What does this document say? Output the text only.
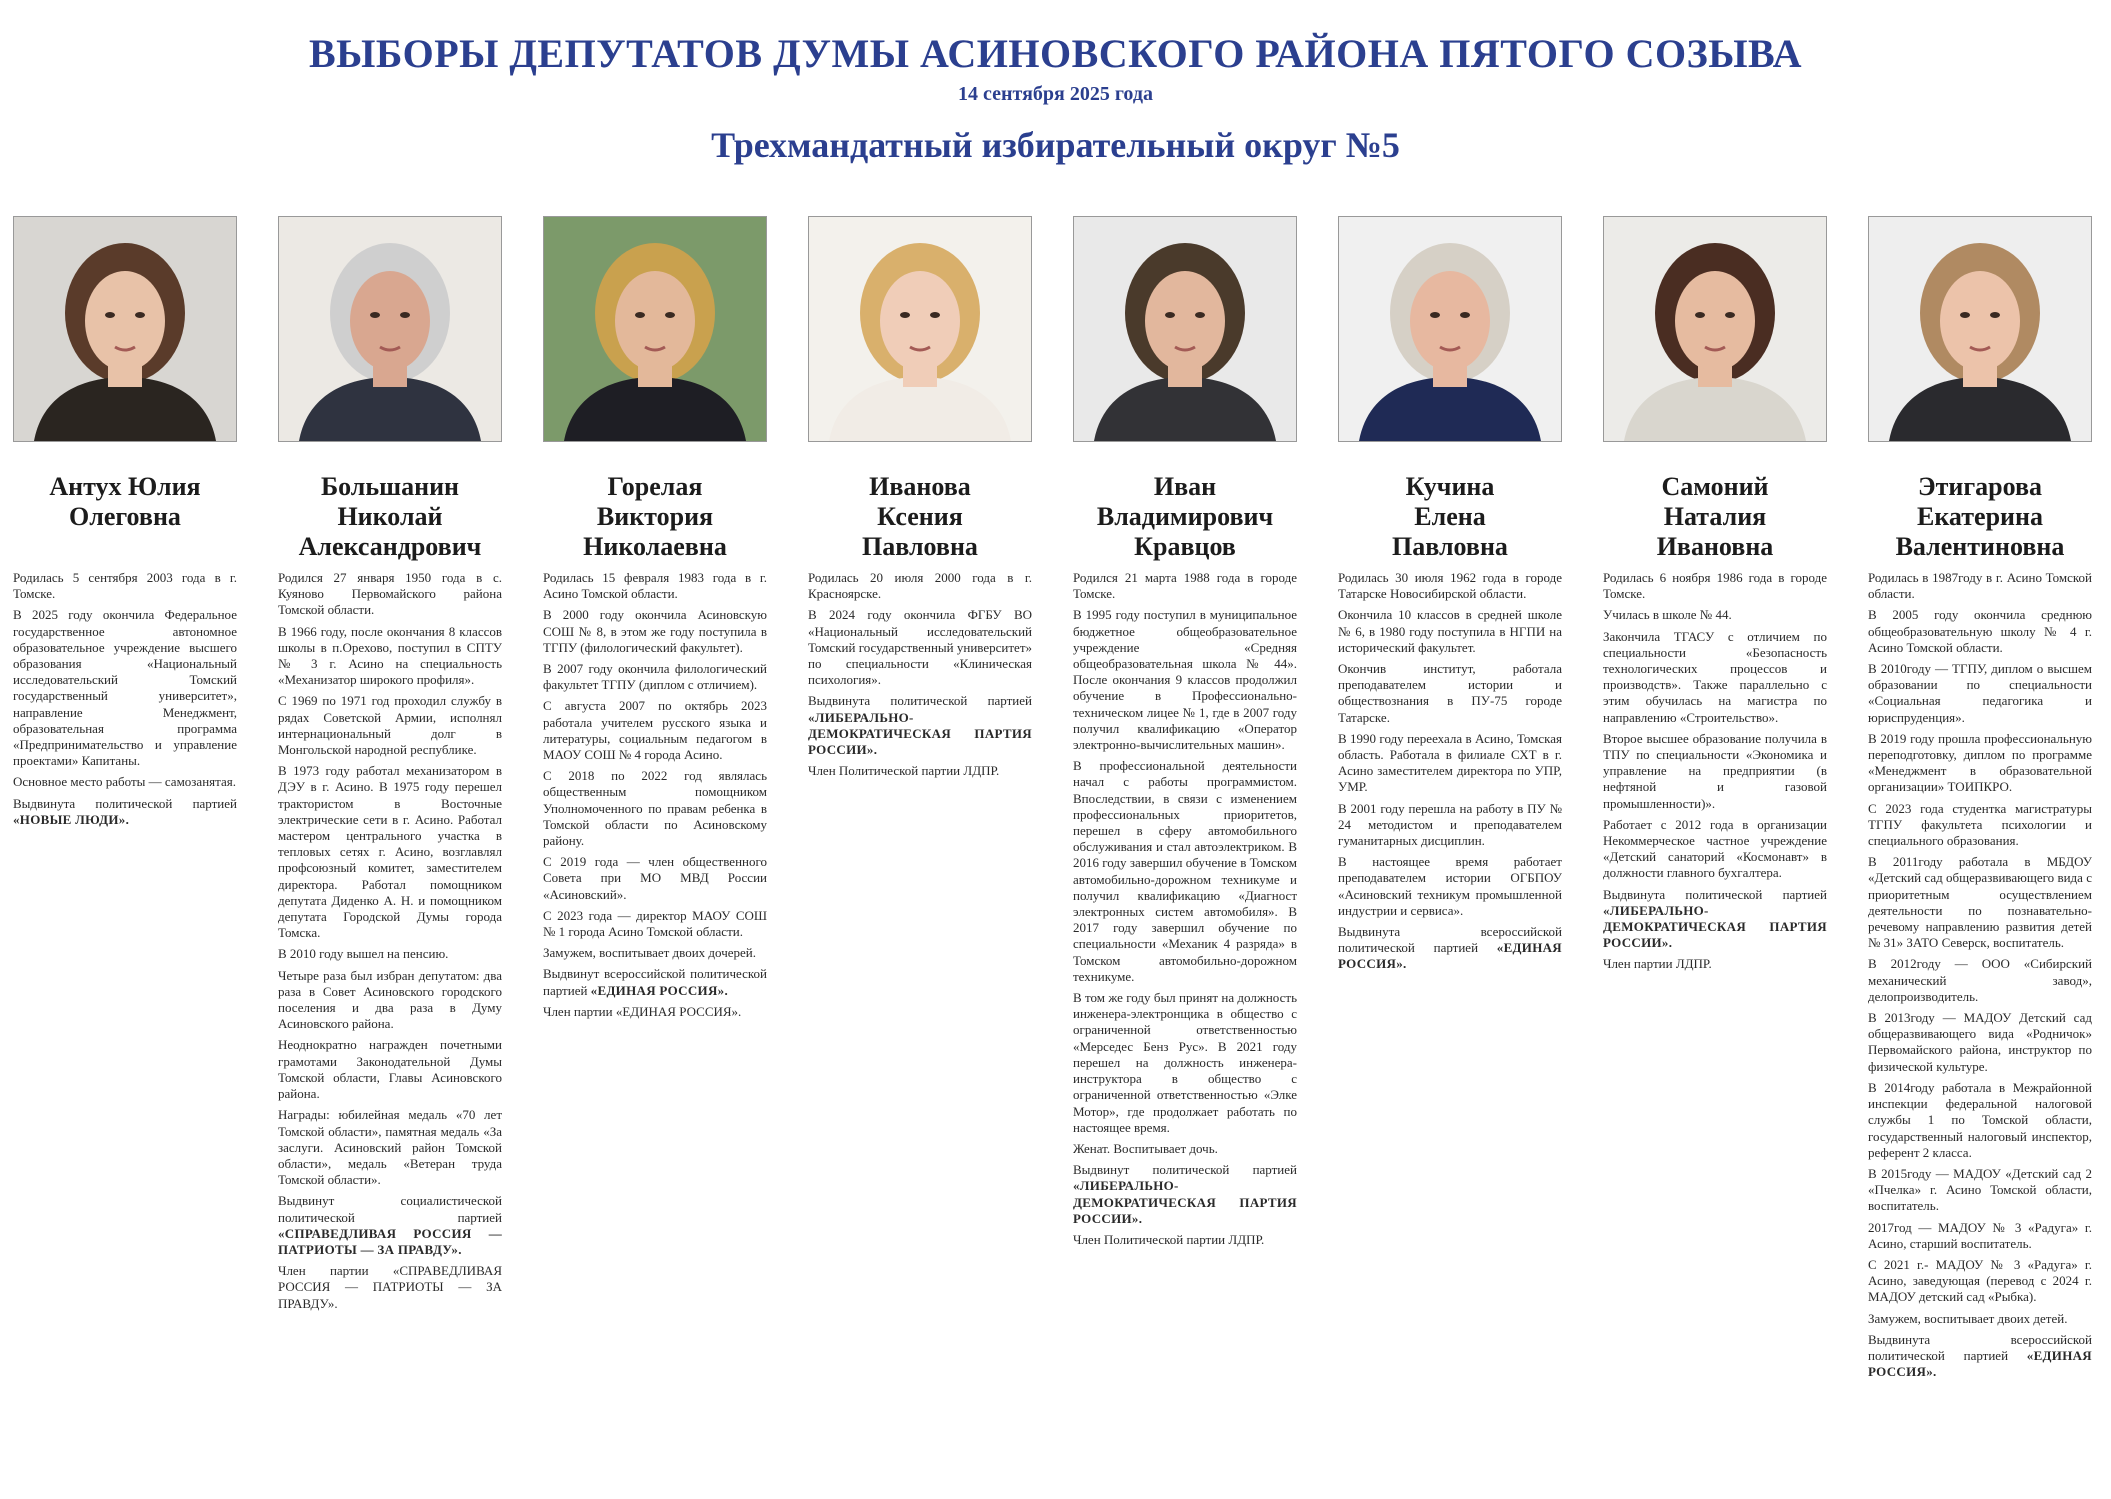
ВЫБОРЫ ДЕПУТАТОВ ДУМЫ АСИНОВСКОГО РАЙОНА ПЯТОГО СОЗЫВА
14 сентября 2025 года
Трехмандатный избирательный округ №5
Антух Юлия
Олеговна

Родилась 5 сентября 2003 года в г. Томске.

В 2025 году окончила Федеральное государственное автономное образовательное учреждение высшего образования «Национальный исследовательский Томский государственный университет», направление Менеджмент, образовательная программа «Предпринимательство и управление проектами» Капитаны.

Основное место работы — самозанятая.

Выдвинута политической партией «НОВЫЕ ЛЮДИ».

Большанин
Николай
Александрович

Родился 27 января 1950 года в с. Куяново Первомайского района Томской области.

В 1966 году, после окончания 8 классов школы в п.Орехово, поступил в СПТУ № 3 г. Асино на специальность «Механизатор широкого профиля».

С 1969 по 1971 год проходил службу в рядах Советской Армии, исполнял интернациональный долг в Монгольской народной республике.

В 1973 году работал механизатором в ДЭУ в г. Асино. В 1975 году перешел трактористом в Восточные электрические сети в г. Асино. Работал мастером центрального участка в тепловых сетях г. Асино, возглавлял профсоюзный комитет, заместителем директора. Работал помощником депутата Диденко А. Н. и помощником депутата Городской Думы города Томска.

В 2010 году вышел на пенсию.

Четыре раза был избран депутатом: два раза в Совет Асиновского городского поселения и два раза в Думу Асиновского района.

Неоднократно награжден почетными грамотами Законодательной Думы Томской области, Главы Асиновского района.

Награды: юбилейная медаль «70 лет Томской области», памятная медаль «За заслуги. Асиновский район Томской области», медаль «Ветеран труда Томской области».

Выдвинут социалистической политической партией «СПРАВЕДЛИВАЯ РОССИЯ — ПАТРИОТЫ — ЗА ПРАВДУ».

Член партии «СПРАВЕДЛИВАЯ РОССИЯ — ПАТРИОТЫ — ЗА ПРАВДУ».

Горелая
Виктория
Николаевна

Родилась 15 февраля 1983 года в г. Асино Томской области.

В 2000 году окончила Асиновскую СОШ № 8, в этом же году поступила в ТГПУ (филологический факультет).

В 2007 году окончила филологический факультет ТГПУ (диплом с отличием).

С августа 2007 по октябрь 2023 работала учителем русского языка и литературы, социальным педагогом в МАОУ СОШ № 4 города Асино.

С 2018 по 2022 год являлась общественным помощником Уполномоченного по правам ребенка в Томской области по Асиновскому району.

С 2019 года — член общественного Совета при МО МВД России «Асиновский».

С 2023 года — директор МАОУ СОШ № 1 города Асино Томской области.

Замужем, воспитывает двоих дочерей.

Выдвинут всероссийской политической партией «ЕДИНАЯ РОССИЯ».

Член партии «ЕДИНАЯ РОССИЯ».

Иванова
Ксения
Павловна

Родилась 20 июля 2000 года в г. Красноярске.

В 2024 году окончила ФГБУ ВО «Национальный исследовательский Томский государственный университет» по специальности «Клиническая психология».

Выдвинута политической партией «ЛИБЕРАЛЬНО-ДЕМОКРАТИЧЕСКАЯ ПАРТИЯ РОССИИ».

Член Политической партии ЛДПР.

Иван
Владимирович
Кравцов

Родился 21 марта 1988 года в городе Томске.

В 1995 году поступил в муниципальное бюджетное общеобразовательное учреждение «Средняя общеобразовательная школа № 44». После окончания 9 классов продолжил обучение в Профессионально-техническом лицее № 1, где в 2007 году получил квалификацию «Оператор электронно-вычислительных машин».

В профессиональной деятельности начал с работы программистом. Впоследствии, в связи с изменением профессиональных приоритетов, перешел в сферу автомобильного обслуживания и стал автоэлектриком. В 2016 году завершил обучение в Томском автомобильно-дорожном техникуме и получил квалификацию «Диагност электронных систем автомобиля». В 2017 году завершил обучение по специальности «Механик 4 разряда» в Томском автомобильно-дорожном техникуме.

В том же году был принят на должность инженера-электронщика в общество с ограниченной ответственностью «Мерседес Бенз Рус». В 2021 году перешел на должность инженера-инструктора в общество с ограниченной ответственностью «Элке Мотор», где продолжает работать по настоящее время.

Женат. Воспитывает дочь.

Выдвинут политической партией «ЛИБЕРАЛЬНО-ДЕМОКРАТИЧЕСКАЯ ПАРТИЯ РОССИИ».

Член Политической партии ЛДПР.

Кучина
Елена
Павловна

Родилась 30 июля 1962 года в городе Татарске Новосибирской области.

Окончила 10 классов в средней школе № 6, в 1980 году поступила в НГПИ на исторический факультет.

Окончив институт, работала преподавателем истории и обществознания в ПУ-75 городе Татарске.

В 1990 году переехала в Асино, Томская область. Работала в филиале СХТ в г. Асино заместителем директора по УПР, УМР.

В 2001 году перешла на работу в ПУ № 24 методистом и преподавателем гуманитарных дисциплин.

В настоящее время работает преподавателем истории ОГБПОУ «Асиновский техникум промышленной индустрии и сервиса».

Выдвинута всероссийской политической партией «ЕДИНАЯ РОССИЯ».

Самоний
Наталия
Ивановна

Родилась 6 ноября 1986 года в городе Томске.

Училась в школе № 44.

Закончила ТГАСУ с отличием по специальности «Безопасность технологических процессов и производств». Также параллельно с этим обучилась на магистра по направлению «Строительство».

Второе высшее образование получила в ТПУ по специальности «Экономика и управление на предприятии (в нефтяной и газовой промышленности)».

Работает с 2012 года в организации Некоммерческое частное учреждение «Детский санаторий «Космонавт» в должности главного бухгалтера.

Выдвинута политической партией «ЛИБЕРАЛЬНО-ДЕМОКРАТИЧЕСКАЯ ПАРТИЯ РОССИИ».

Член партии ЛДПР.

Этигарова
Екатерина
Валентиновна

Родилась в 1987году в г. Асино Томской области.

В 2005 году окончила среднюю общеобразовательную школу № 4 г. Асино Томской области.

В 2010году — ТГПУ, диплом о высшем образовании по специальности «Социальная педагогика и юриспруденция».

В 2019 году прошла профессиональную переподготовку, диплом по программе «Менеджмент в образовательной организации» ТОИПКРО.

С 2023 года студентка магистратуры ТГПУ факультета психологии и специального образования.

В 2011году работала в МБДОУ «Детский сад общеразвивающего вида с приоритетным осуществлением деятельности по познавательно-речевому направлению развития детей № 31» ЗАТО Северск, воспитатель.

В 2012году — ООО «Сибирский механический завод», делопроизводитель.

В 2013году — МАДОУ Детский сад общеразвивающего вида «Родничок» Первомайского района, инструктор по физической культуре.

В 2014году работала в Межрайонной инспекции федеральной налоговой службы 1 по Томской области, государственный налоговый инспектор, референт 2 класса.

В 2015году — МАДОУ «Детский сад 2 «Пчелка» г. Асино Томской области, воспитатель.

2017год — МАДОУ № 3 «Радуга» г. Асино, старший воспитатель.

С 2021 г.- МАДОУ № 3 «Радуга» г. Асино, заведующая (перевод с 2024 г. МАДОУ детский сад «Рыбка).

Замужем, воспитывает двоих детей.

Выдвинута всероссийской политической партией «ЕДИНАЯ РОССИЯ».
